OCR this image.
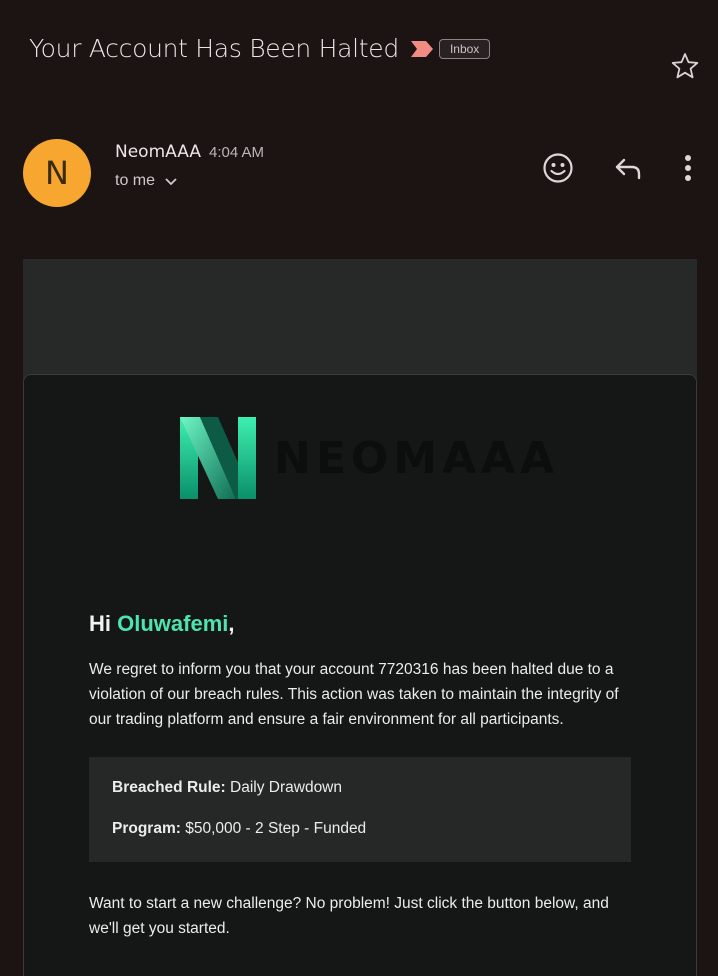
Your Account Has Been Halted	Inbox
N
NeomAAA 4:04 AM
to me
NEOMAAA
Hi Oluwafemi,

We regret to inform you that your account 7720316 has been halted due to a violation of our breach rules. This action was taken to maintain the integrity of our trading platform and ensure a fair environment for all participants.

Breached Rule: Daily Drawdown
Program: $50,000 - 2 Step - Funded

Want to start a new challenge? No problem! Just click the button below, and we'll get you started.
